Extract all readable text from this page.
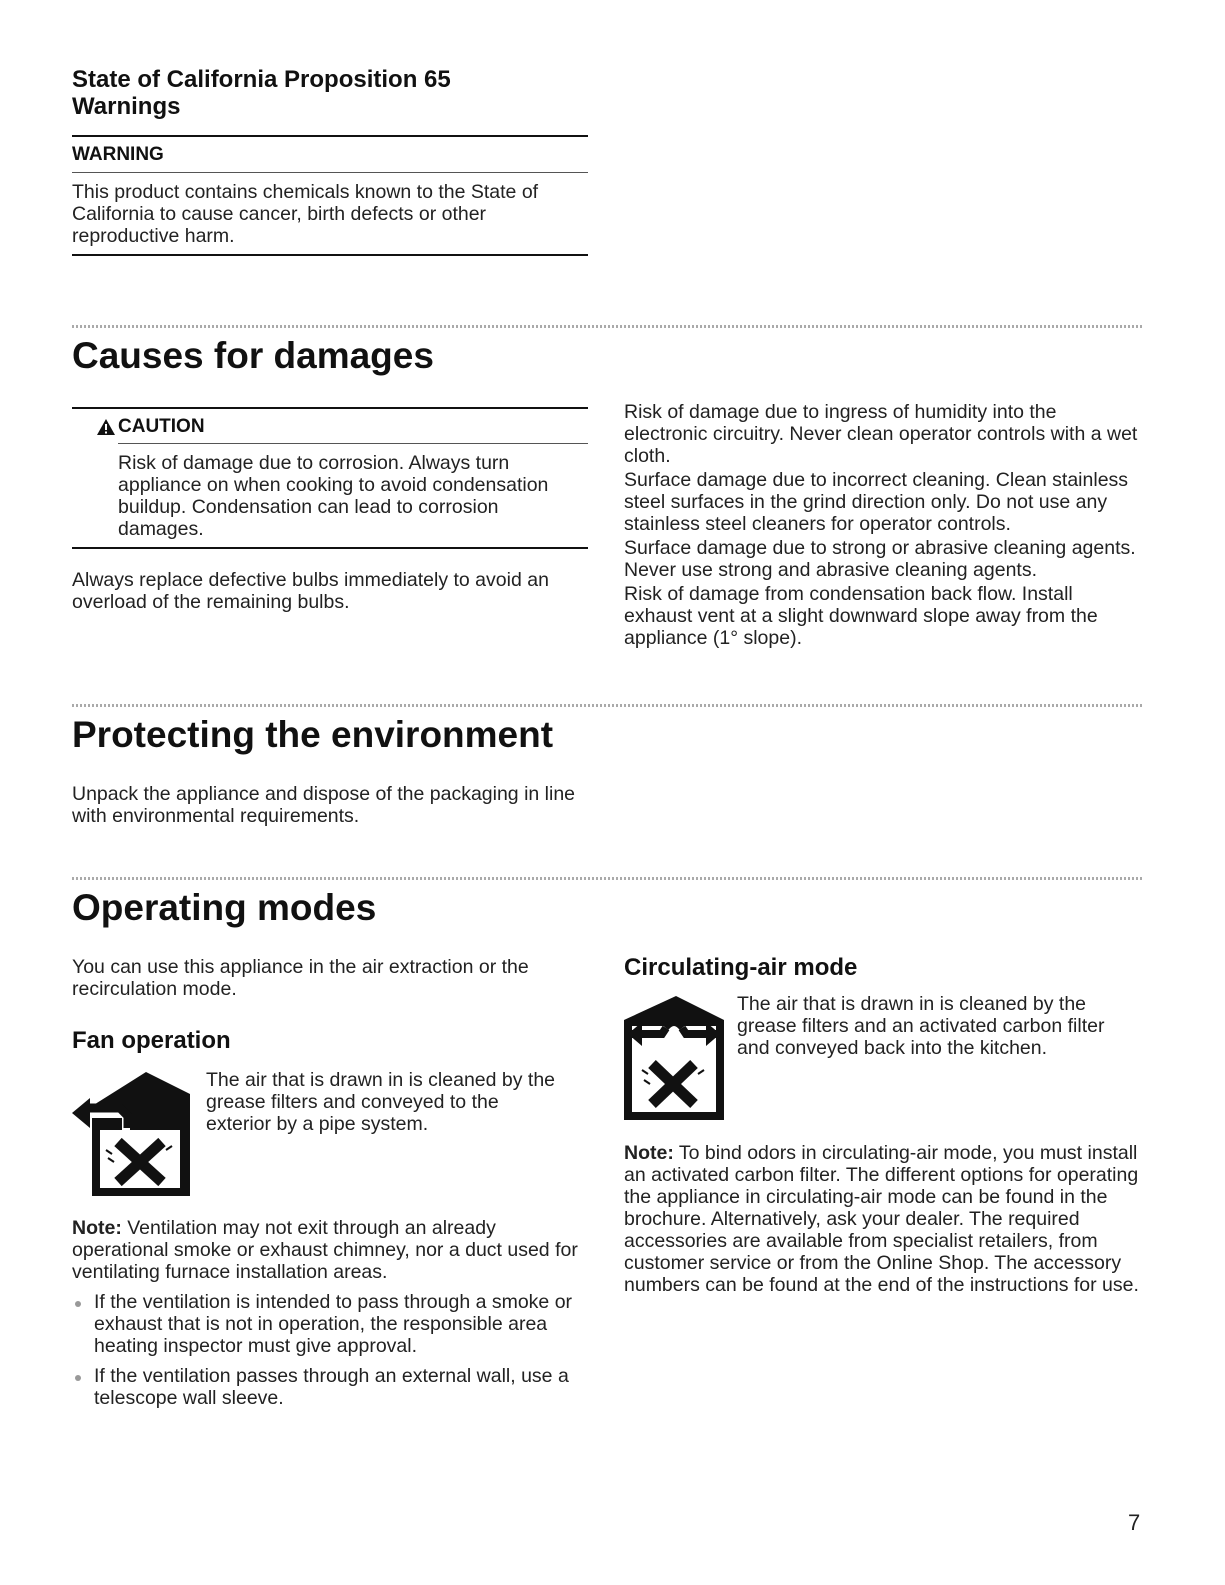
State of California Proposition 65 Warnings
WARNING
This product contains chemicals known to the State of California to cause cancer, birth defects or other reproductive harm.
Causes for damages
CAUTION
Risk of damage due to corrosion. Always turn appliance on when cooking to avoid condensation buildup. Condensation can lead to corrosion damages.
Always replace defective bulbs immediately to avoid an overload of the remaining bulbs.

Risk of damage due to ingress of humidity into the electronic circuitry. Never clean operator controls with a wet cloth.

Surface damage due to incorrect cleaning. Clean stainless steel surfaces in the grind direction only. Do not use any stainless steel cleaners for operator controls.

Surface damage due to strong or abrasive cleaning agents. Never use strong and abrasive cleaning agents.

Risk of damage from condensation back flow. Install exhaust vent at a slight downward slope away from the appliance (1° slope).

Protecting the environment
Unpack the appliance and dispose of the packaging in line with environmental requirements.
Operating modes
You can use this appliance in the air extraction or the recirculation mode.
Fan operation
The air that is drawn in is cleaned by the grease filters and conveyed to the exterior by a pipe system.
Note: Ventilation may not exit through an already operational smoke or exhaust chimney, nor a duct used for ventilating furnace installation areas.
If the ventilation is intended to pass through a smoke or exhaust that is not in operation, the responsible area heating inspector must give approval.
If the ventilation passes through an external wall, use a telescope wall sleeve.
Circulating-air mode
The air that is drawn in is cleaned by the grease filters and an activated carbon filter and conveyed back into the kitchen.
Note: To bind odors in circulating-air mode, you must install an activated carbon filter. The different options for operating the appliance in circulating-air mode can be found in the brochure. Alternatively, ask your dealer. The required accessories are available from specialist retailers, from customer service or from the Online Shop. The accessory numbers can be found at the end of the instructions for use.
7
